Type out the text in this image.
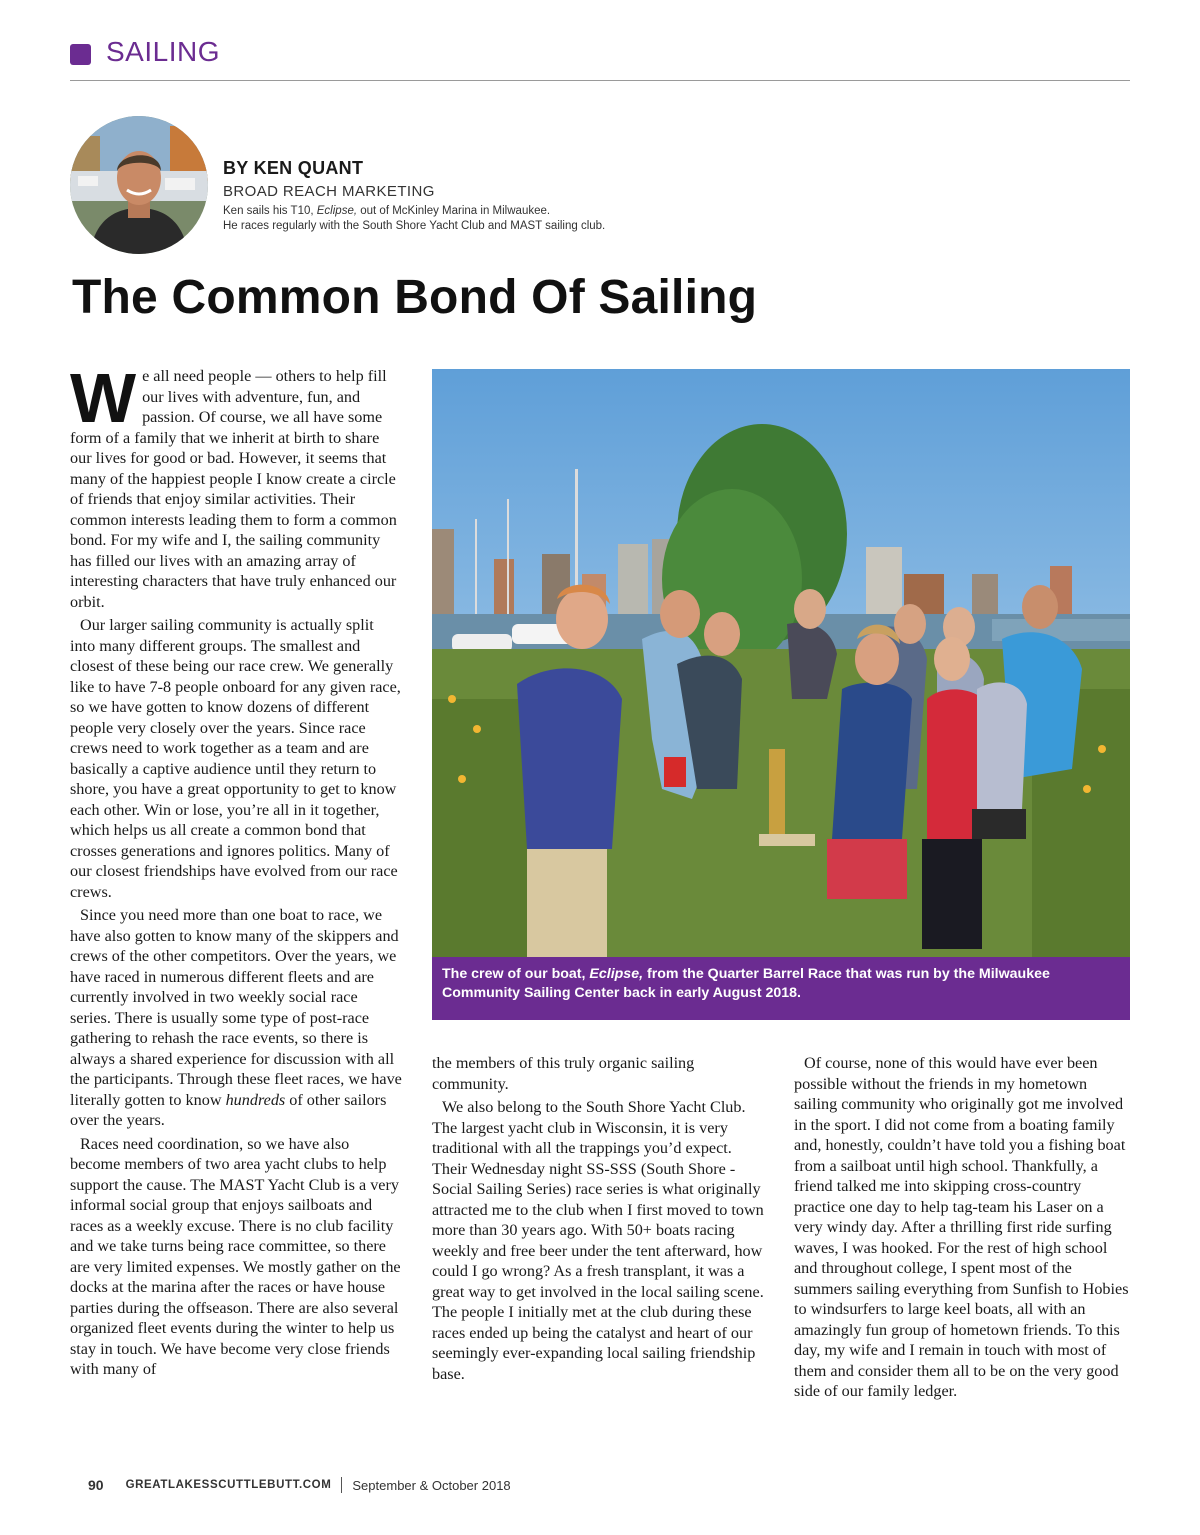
SAILING
BY KEN QUANT
BROAD REACH MARKETING
Ken sails his T10, Eclipse, out of McKinley Marina in Milwaukee.
He races regularly with the South Shore Yacht Club and MAST sailing club.
The Common Bond Of Sailing

We all need people — others to help fill our lives with adventure, fun, and passion. Of course, we all have some form of a family that we inherit at birth to share our lives for good or bad. However, it seems that many of the happiest people I know create a circle of friends that enjoy similar activities. Their common interests leading them to form a common bond. For my wife and I, the sailing community has filled our lives with an amazing array of interesting characters that have truly enhanced our orbit.

Our larger sailing community is actually split into many different groups. The smallest and closest of these being our race crew. We generally like to have 7-8 people onboard for any given race, so we have gotten to know dozens of different people very closely over the years. Since race crews need to work together as a team and are basically a captive audience until they return to shore, you have a great opportunity to get to know each other. Win or lose, you’re all in it together, which helps us all create a common bond that crosses generations and ignores politics. Many of our closest friendships have evolved from our race crews.

Since you need more than one boat to race, we have also gotten to know many of the skippers and crews of the other competitors. Over the years, we have raced in numerous different fleets and are currently involved in two weekly social race series. There is usually some type of post-race gathering to rehash the race events, so there is always a shared experience for discussion with all the participants. Through these fleet races, we have literally gotten to know hundreds of other sailors over the years.

Races need coordination, so we have also become members of two area yacht clubs to help support the cause. The MAST Yacht Club is a very informal social group that enjoys sailboats and races as a weekly excuse. There is no club facility and we take turns being race committee, so there are very limited expenses. We mostly gather on the docks at the marina after the races or have house parties during the offseason. There are also several organized fleet events during the winter to help us stay in touch. We have become very close friends with many of

The crew of our boat, Eclipse, from the Quarter Barrel Race that was run by the Milwaukee Community Sailing Center back in early August 2018.

the members of this truly organic sailing community.

We also belong to the South Shore Yacht Club. The largest yacht club in Wisconsin, it is very traditional with all the trappings you’d expect. Their Wednesday night SS-SSS (South Shore - Social Sailing Series) race series is what originally attracted me to the club when I first moved to town more than 30 years ago. With 50+ boats racing weekly and free beer under the tent afterward, how could I go wrong? As a fresh transplant, it was a great way to get involved in the local sailing scene. The people I initially met at the club during these races ended up being the catalyst and heart of our seemingly ever-expanding local sailing friendship base.

Of course, none of this would have ever been possible without the friends in my hometown sailing community who originally got me involved in the sport. I did not come from a boating family and, honestly, couldn’t have told you a fishing boat from a sailboat until high school. Thankfully, a friend talked me into skipping cross-country practice one day to help tag-team his Laser on a very windy day. After a thrilling first ride surfing waves, I was hooked. For the rest of high school and throughout college, I spent most of the summers sailing everything from Sunfish to Hobies to windsurfers to large keel boats, all with an amazingly fun group of hometown friends. To this day, my wife and I remain in touch with most of them and consider them all to be on the very good side of our family ledger.

90 GREATLAKESSCUTTLEBUTT.COM September & October 2018
